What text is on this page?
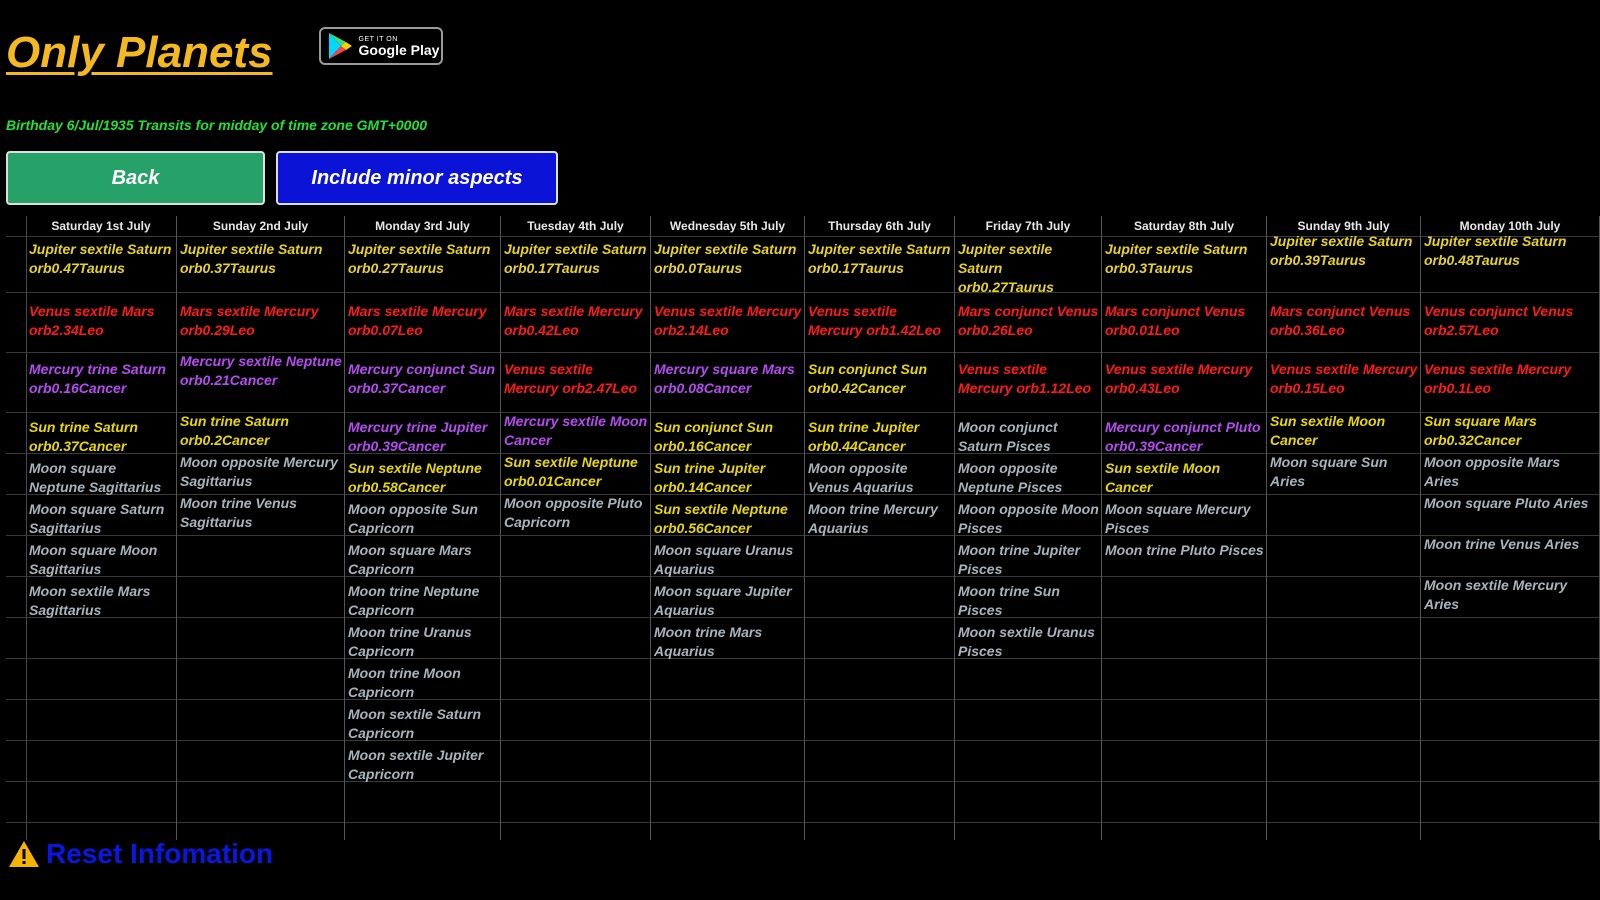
Only Planets	GET IT ON
Google Play
Birthday 6/Jul/1935 Transits for midday of time zone GMT+0000
Back	Include minor aspects
Saturday 1st July
Jupiter sextile Saturn orb0.47Taurus
Venus sextile Mars orb2.34Leo
Mercury trine Saturn orb0.16Cancer
Sun trine Saturn orb0.37Cancer
Moon square Neptune Sagittarius
Moon square Saturn Sagittarius
Moon square Moon Sagittarius
Moon sextile Mars Sagittarius
Sunday 2nd July
Jupiter sextile Saturn orb0.37Taurus
Mars sextile Mercury orb0.29Leo
Mercury sextile Neptune orb0.21Cancer
Sun trine Saturn orb0.2Cancer
Moon opposite Mercury Sagittarius
Moon trine Venus Sagittarius
Monday 3rd July
Jupiter sextile Saturn orb0.27Taurus
Mars sextile Mercury orb0.07Leo
Mercury conjunct Sun orb0.37Cancer
Mercury trine Jupiter orb0.39Cancer
Sun sextile Neptune orb0.58Cancer
Moon opposite Sun Capricorn
Moon square Mars Capricorn
Moon trine Neptune Capricorn
Moon trine Uranus Capricorn
Moon trine Moon Capricorn
Moon sextile Saturn Capricorn
Moon sextile Jupiter Capricorn
Tuesday 4th July
Jupiter sextile Saturn orb0.17Taurus
Mars sextile Mercury orb0.42Leo
Venus sextile Mercury orb2.47Leo
Mercury sextile Moon Cancer
Sun sextile Neptune orb0.01Cancer
Moon opposite Pluto Capricorn
Wednesday 5th July
Jupiter sextile Saturn orb0.0Taurus
Venus sextile Mercury orb2.14Leo
Mercury square Mars orb0.08Cancer
Sun conjunct Sun orb0.16Cancer
Sun trine Jupiter orb0.14Cancer
Sun sextile Neptune orb0.56Cancer
Moon square Uranus Aquarius
Moon square Jupiter Aquarius
Moon trine Mars Aquarius
Thursday 6th July
Jupiter sextile Saturn orb0.17Taurus
Venus sextile Mercury orb1.42Leo
Sun conjunct Sun orb0.42Cancer
Sun trine Jupiter orb0.44Cancer
Moon opposite Venus Aquarius
Moon trine Mercury Aquarius
Friday 7th July
Jupiter sextile Saturn orb0.27Taurus
Mars conjunct Venus orb0.26Leo
Venus sextile Mercury orb1.12Leo
Moon conjunct Saturn Pisces
Moon opposite Neptune Pisces
Moon opposite Moon Pisces
Moon trine Jupiter Pisces
Moon trine Sun Pisces
Moon sextile Uranus Pisces
Saturday 8th July
Jupiter sextile Saturn orb0.3Taurus
Mars conjunct Venus orb0.01Leo
Venus sextile Mercury orb0.43Leo
Mercury conjunct Pluto orb0.39Cancer
Sun sextile Moon Cancer
Moon square Mercury Pisces
Moon trine Pluto Pisces
Sunday 9th July
Jupiter sextile Saturn orb0.39Taurus
Mars conjunct Venus orb0.36Leo
Venus sextile Mercury orb0.15Leo
Sun sextile Moon Cancer
Moon square Sun Aries
Monday 10th July
Jupiter sextile Saturn orb0.48Taurus
Venus conjunct Venus orb2.57Leo
Venus sextile Mercury orb0.1Leo
Sun square Mars orb0.32Cancer
Moon opposite Mars Aries
Moon square Pluto Aries
Moon trine Venus Aries
Moon sextile Mercury Aries
Reset Infomation
